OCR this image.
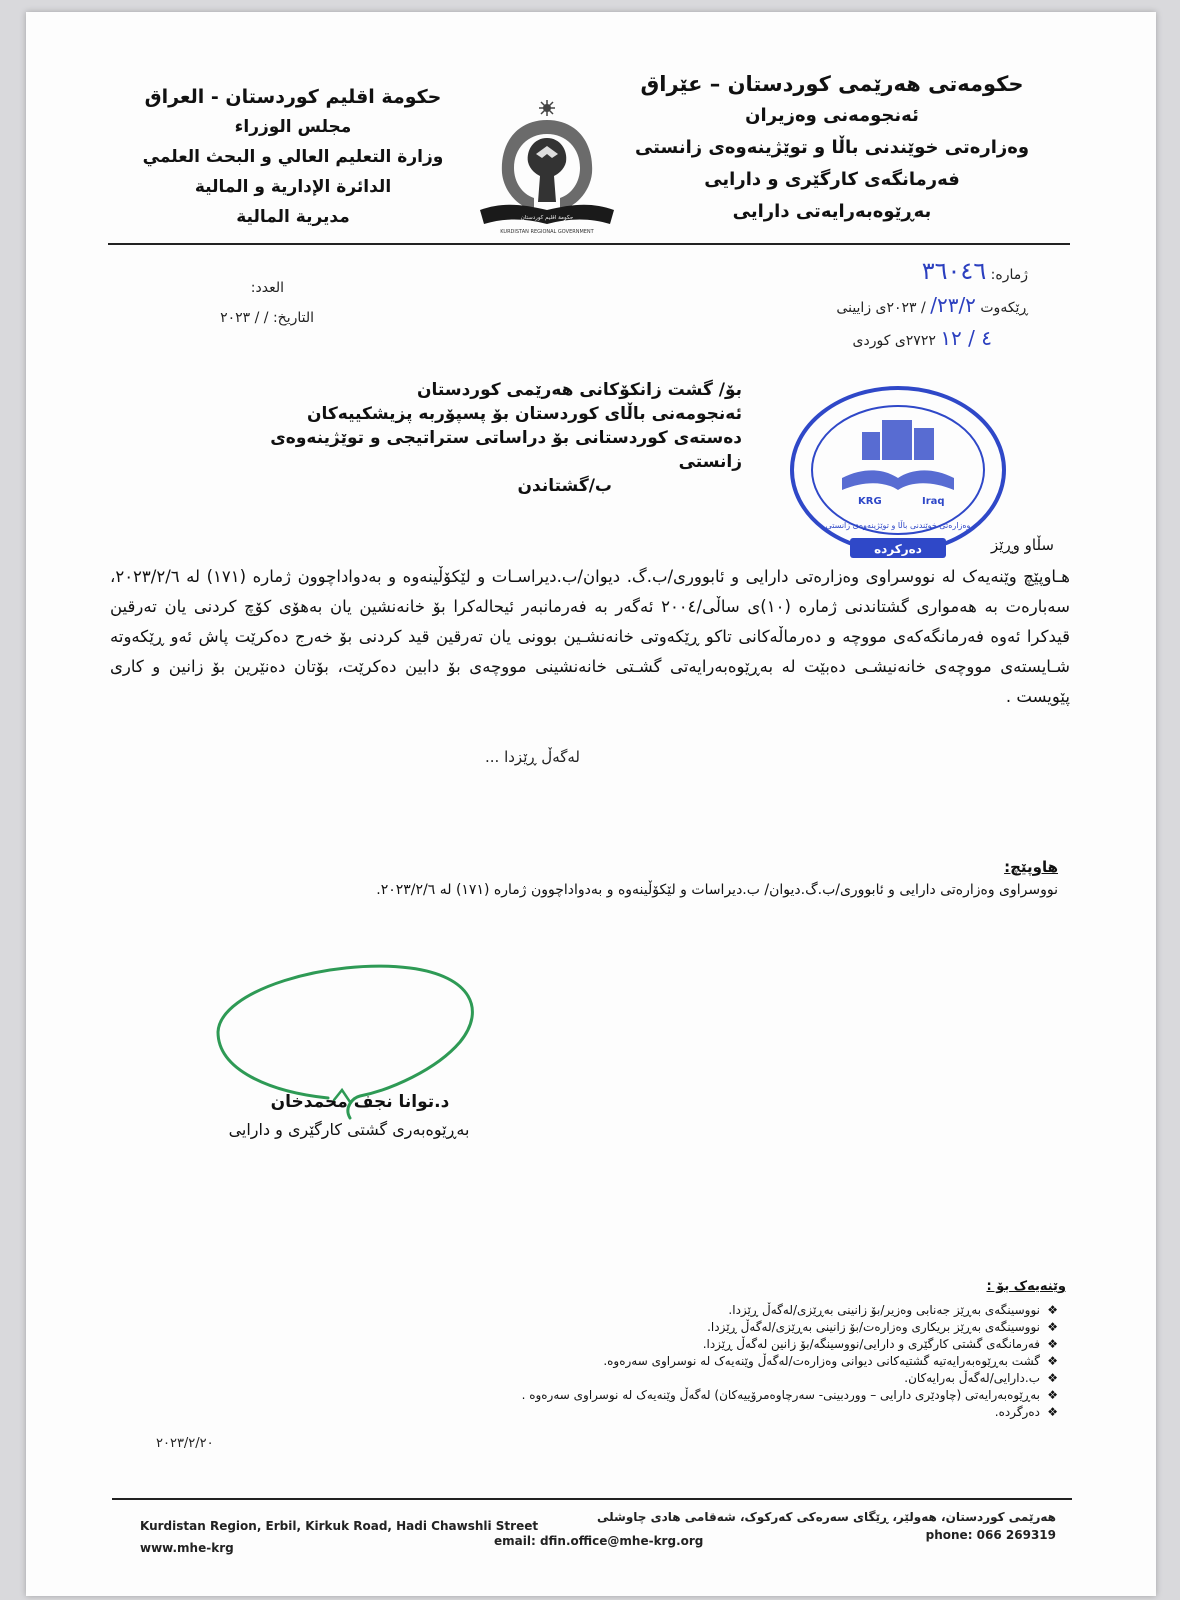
حکومەتی هەرێمی کوردستان – عێراق
ئەنجومەنی وەزیران
وەزارەتی خوێندنی باڵا و توێژینەوەی زانستی
فەرمانگەی کارگێری و دارایی
بەڕێوەبەرایەتی دارایی
حكومة اقليم كوردستان - العراق
مجلس الوزراء
وزارة التعليم العالي و البحث العلمي
الدائرة الإدارية و المالية
مديرية المالية	حكومة اقليم كوردستان
KURDISTAN REGIONAL GOVERNMENT
ژمارە: ٣٦٠٤٦
ڕێکەوت ٢٣/٢/ / ٢٠٢٣ی زایینی
٤ / ١٢ ٢٧٢٢ی کوردی
العدد:
التاريخ: / / ٢٠٢٣
بۆ/ گشت زانکۆکانی هەرێمی کوردستان
ئەنجومەنی باڵای کوردستان بۆ پسپۆربە پزیشکییەکان
دەستەی کوردستانی بۆ دراساتی ستراتیجی و توێژینەوەی زانستی
ب/گشتاندن
KRG	Iraq
وەزارەتی خوێندنی باڵا و توێژینەوەی زانستی
دەرکردە	سڵاو وڕێز
هـاوپێچ وێنەیەک لە نووسراوی وەزارەتی دارایی و ئابووری/ب.گ. دیوان/ب.دیراسـات و لێکۆڵینەوە و بەدواداچوون ژمارە (١٧١) لە ٢٠٢٣/٢/٦، سەبارەت بە هەمواری گشتاندنی ژمارە (١٠)ی ساڵی/٢٠٠٤ ئەگەر بە فەرمانبەر ئیحالەکرا بۆ خانەنشین یان بەهۆی کۆچ کردنی یان تەرقین قیدکرا ئەوە فەرمانگەکەی مووچە و دەرماڵەکانی تاکو ڕێکەوتی خانەنشـین بوونی یان تەرقین قید کردنی بۆ خەرج دەکرێت پاش ئەو ڕێکەوتە شـایستەی مووچەی خانەنیشـی دەبێت لە بەڕێوەبەرایەتی گشـتی خانەنشینی مووچەی بۆ دابین دەکرێت، بۆتان دەنێرین بۆ زانین و کاری پێویست .
لەگەڵ ڕێزدا ...
هاوپێچ:
نووسراوی وەزارەتی دارایی و ئابووری/ب.گ.دیوان/ ب.دیراسات و لێکۆڵینەوە و بەدواداچوون ژمارە (١٧١) لە ٢٠٢٣/٢/٦.
د.توانا نجف محمدخان
بەڕێوەبەری گشتی کارگێری و دارایی
وێنەیەک بۆ :
❖
نووسینگەی بەڕێز جەنابی وەزیر/بۆ زانینی بەڕێزی/لەگەڵ ڕێزدا.
❖
نووسینگەی بەڕێز بریکاری وەزارەت/بۆ زانینی بەڕێزی/لەگەڵ ڕێزدا.
❖
فەرمانگەی گشتی کارگێری و دارایی/نووسینگە/بۆ زانین لەگەڵ ڕێزدا.
❖
گشت بەڕێوەبەرایەتیە گشتیەکانی دیوانی وەزارەت/لەگەڵ وێنەیەک لە نوسراوی سەرەوە.
❖
ب.دارایی/لەگەڵ بەرایەکان.
❖
بەڕێوەبەرایەتی (چاودێری دارایی – ووردبینی- سەرچاوەمرۆییەکان) لەگەڵ وێنەیەک لە نوسراوی سەرەوە .
❖
دەرگردە.
٢٠٢٣/٢/٢٠
Kurdistan Region, Erbil, Kirkuk Road, Hadi Chawshli Street
www.mhe-krg	email: dfin.office@mhe-krg.org
هەرێمی کوردستان، هەولێر، ڕێگای سەرەکی کەرکوک، شەقامی هادی چاوشلی
phone: 066 269319
